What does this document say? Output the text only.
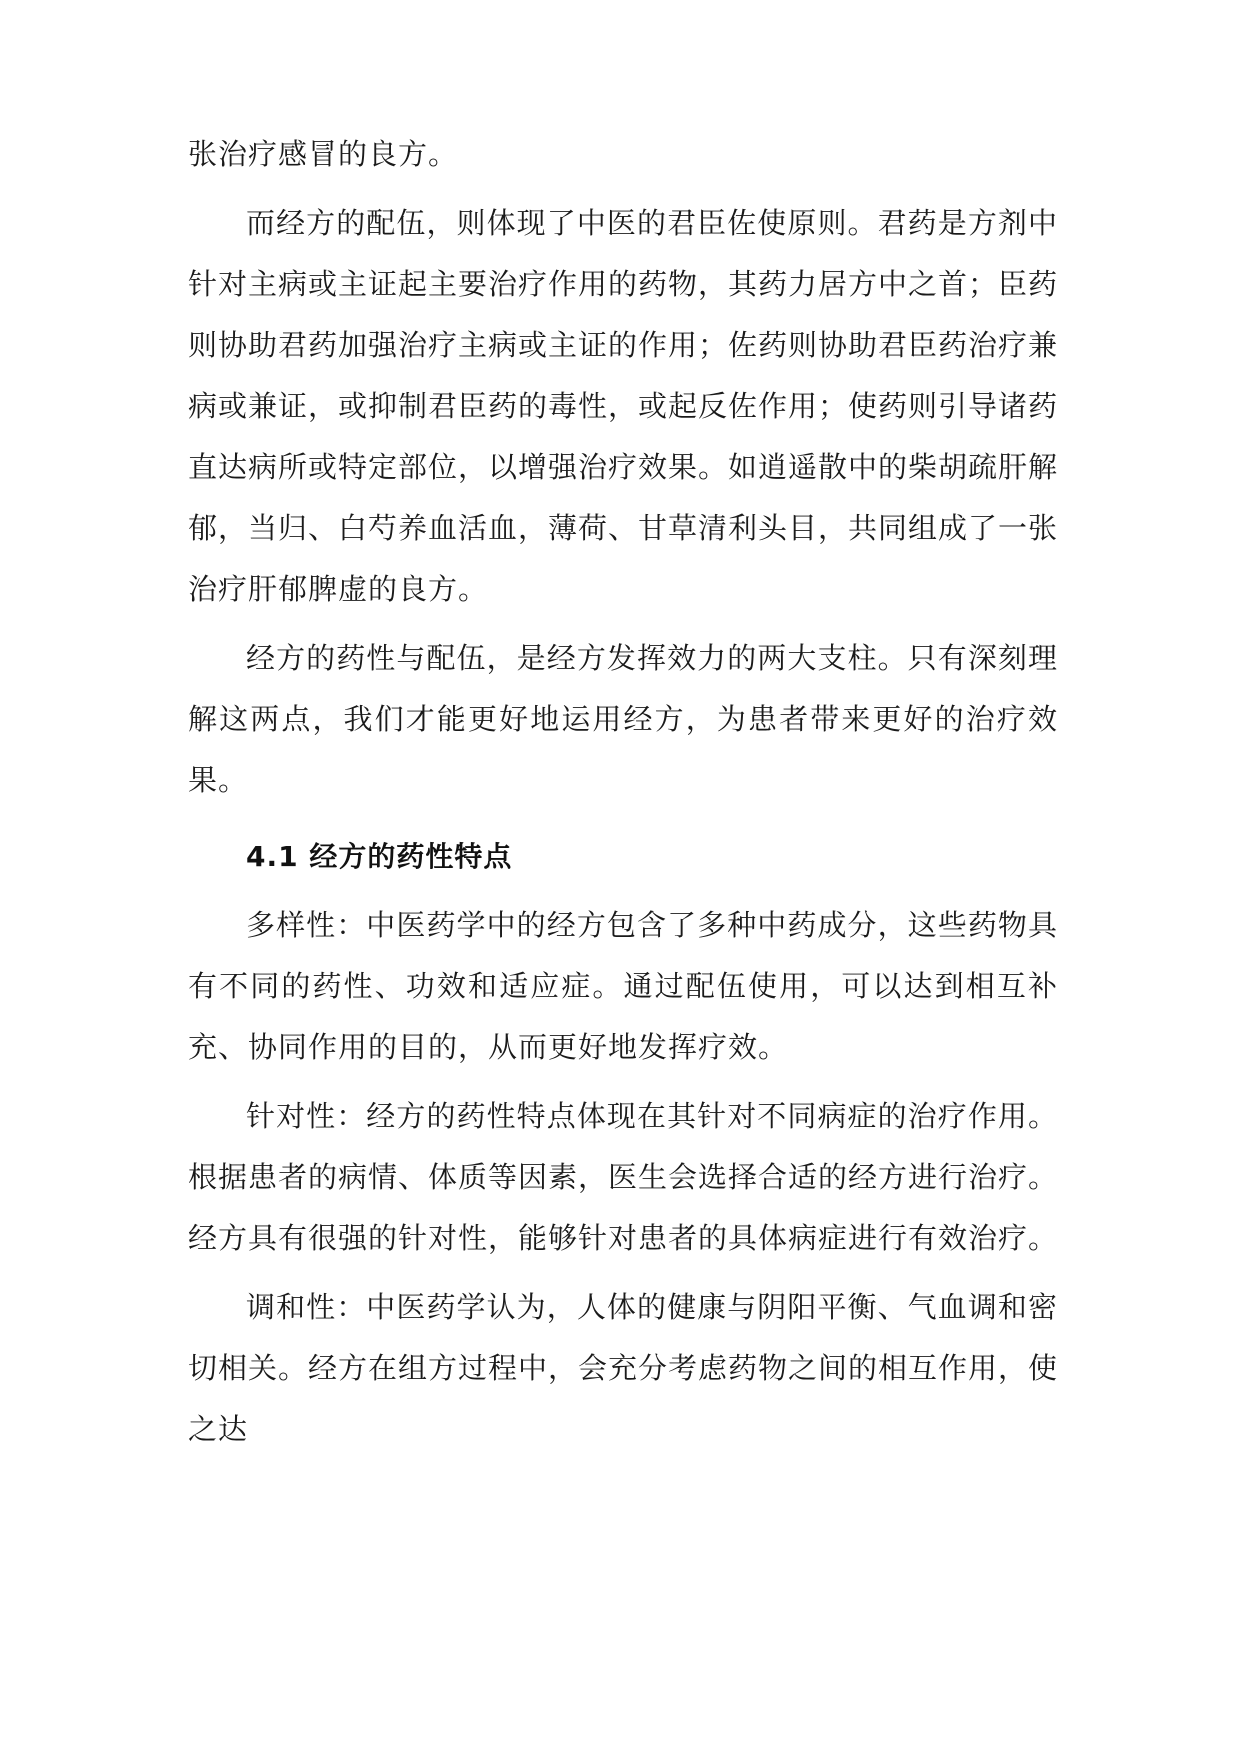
张治疗感冒的良方。

而经方的配伍，则体现了中医的君臣佐使原则。君药是方剂中针对主病或主证起主要治疗作用的药物，其药力居方中之首；臣药则协助君药加强治疗主病或主证的作用；佐药则协助君臣药治疗兼病或兼证，或抑制君臣药的毒性，或起反佐作用；使药则引导诸药直达病所或特定部位，以增强治疗效果。如逍遥散中的柴胡疏肝解郁，当归、白芍养血活血，薄荷、甘草清利头目，共同组成了一张治疗肝郁脾虚的良方。

经方的药性与配伍，是经方发挥效力的两大支柱。只有深刻理解这两点，我们才能更好地运用经方，为患者带来更好的治疗效果。

4.1 经方的药性特点

多样性：中医药学中的经方包含了多种中药成分，这些药物具有不同的药性、功效和适应症。通过配伍使用，可以达到相互补充、协同作用的目的，从而更好地发挥疗效。

针对性：经方的药性特点体现在其针对不同病症的治疗作用。根据患者的病情、体质等因素，医生会选择合适的经方进行治疗。经方具有很强的针对性，能够针对患者的具体病症进行有效治疗。

调和性：中医药学认为，人体的健康与阴阳平衡、气血调和密切相关。经方在组方过程中，会充分考虑药物之间的相互作用，使之达
